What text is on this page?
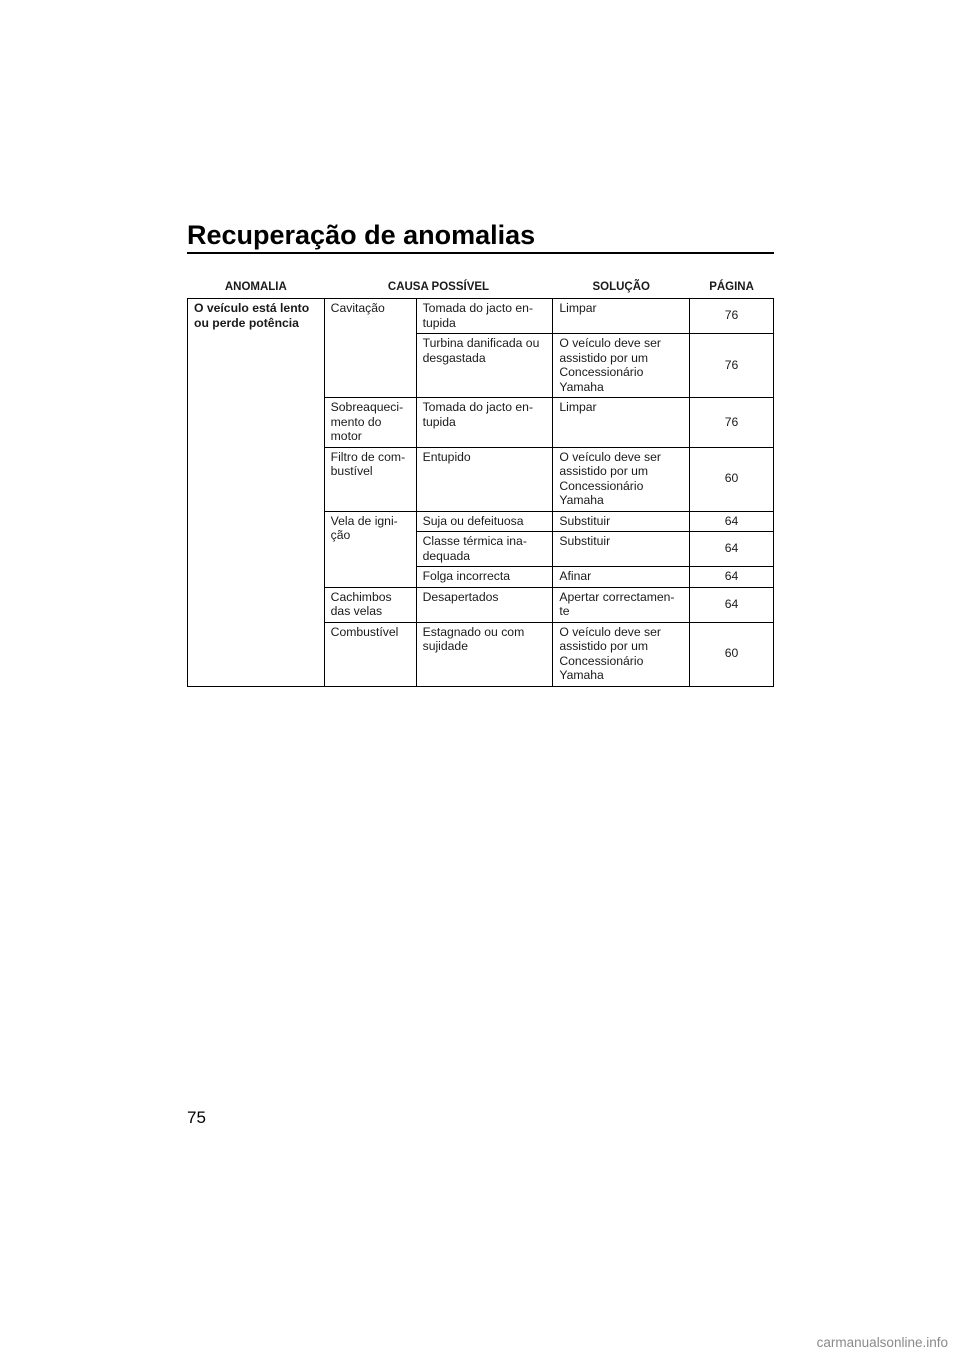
Recuperação de anomalias
ANOMALIA	CAUSA POSSÍVEL		SOLUÇÃO	PÁGINA
O veículo está lento ou perde potência	Cavitação	Tomada do jacto en-tupida	Limpar	76
		Turbina danificada ou desgastada	O veículo deve ser assistido por um Concessionário Yamaha	76
	Sobreaqueci-mento do motor	Tomada do jacto en-tupida	Limpar	76
	Filtro de com-bustível	Entupido	O veículo deve ser assistido por um Concessionário Yamaha	60
	Vela de igni-ção	Suja ou defeituosa	Substituir	64
		Classe térmica ina-dequada	Substituir	64
		Folga incorrecta	Afinar	64
	Cachimbos das velas	Desapertados	Apertar correctamen-te	64
	Combustível	Estagnado ou com sujidade	O veículo deve ser assistido por um Concessionário Yamaha	60
75
carmanualsonline.info
